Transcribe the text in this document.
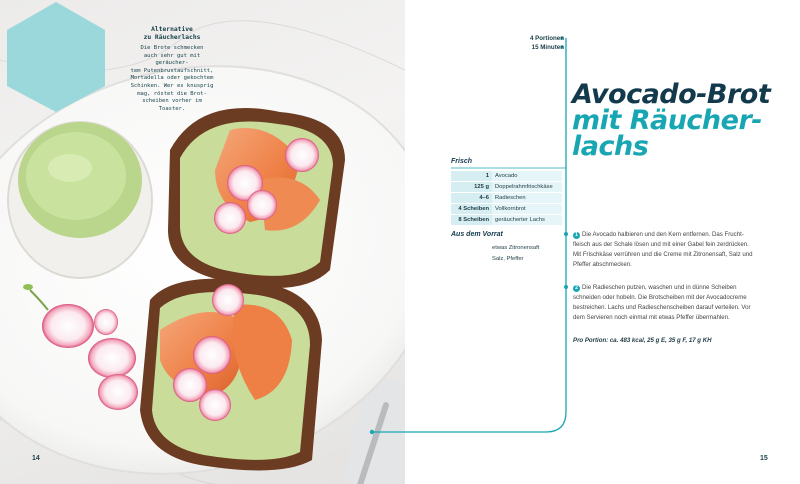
Alternative
zu Räucherlachs
Die Brote schmecken
auch sehr gut mit geräucher-
tem Putenbrustaufschnitt,
Mortadella oder gekochtem
Schinken. Wer es knusprig
mag, röstet die Brot-
scheiben vorher im
Toaster.
14
4 Portionen
15 Minuten
Avocado-Brot
mit Räucher-
lachs
Frisch
1	Avocado
125 g	Doppelrahmfrischkäse
4–6	Radieschen
4 Scheiben	Vollkornbrot
8 Scheiben	geräucherter Lachs
Aus dem Vorrat
etwas Zitronensaft
Salz, Pfeffer
1 Die Avocado halbieren und den Kern entfernen. Das Frucht-
fleisch aus der Schale lösen und mit einer Gabel fein zerdrücken.
Mit Frischkäse verrühren und die Creme mit Zitronensaft, Salz und
Pfeffer abschmecken.
2 Die Radieschen putzen, waschen und in dünne Scheiben
schneiden oder hobeln. Die Brotscheiben mit der Avocadocreme
bestreichen. Lachs und Radieschenscheiben darauf verteilen. Vor
dem Servieren noch einmal mit etwas Pfeffer übermahlen.
Pro Portion: ca. 483 kcal, 25 g E, 35 g F, 17 g KH
15
